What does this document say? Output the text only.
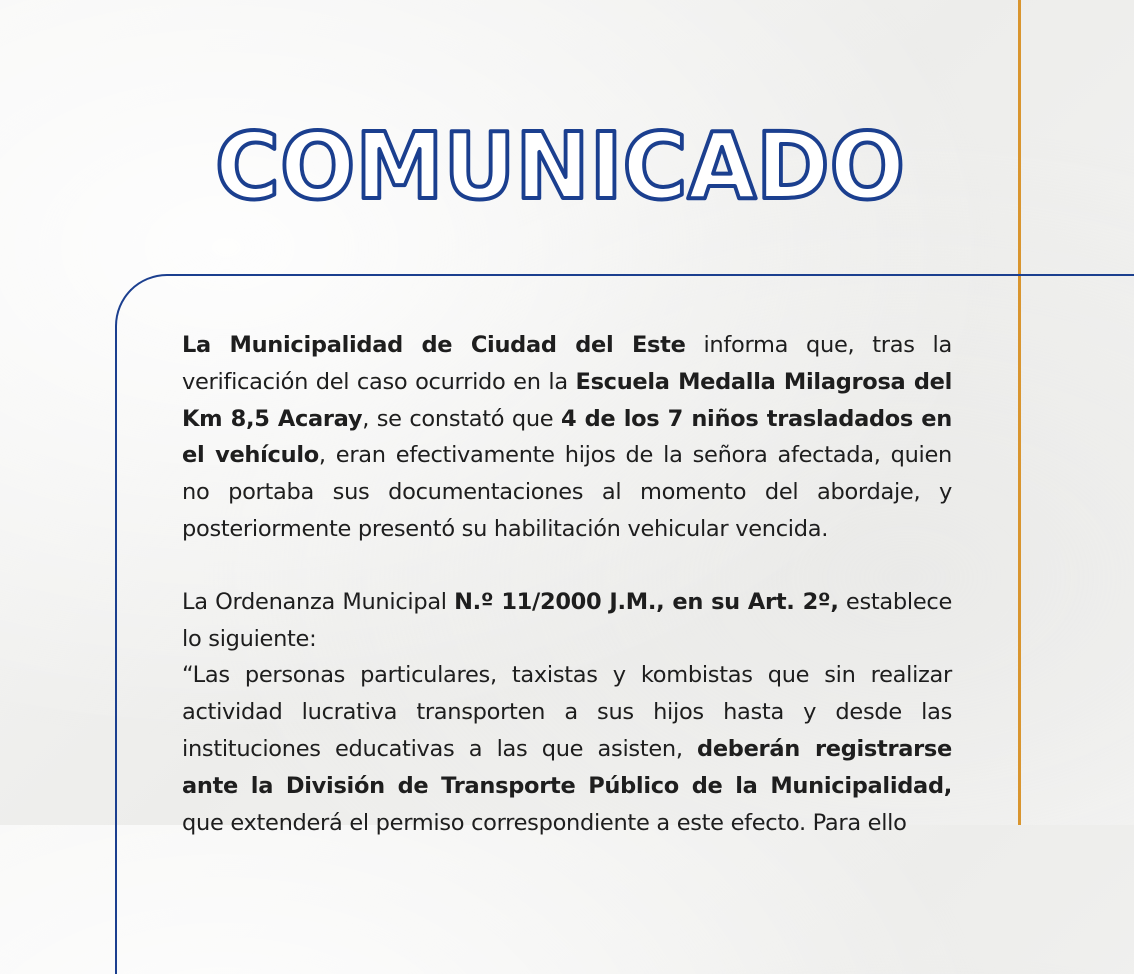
COMUNICADO

La Municipalidad de Ciudad del Este informa que, tras la verificación del caso ocurrido en la Escuela Medalla Milagrosa del Km 8,5 Acaray, se constató que 4 de los 7 niños trasladados en el vehículo, eran efectivamente hijos de la señora afectada, quien no portaba sus documentaciones al momento del abordaje, y posteriormente presentó su habilitación vehicular vencida.

La Ordenanza Municipal N.º 11/2000 J.M., en su Art. 2º, establece lo siguiente:

“Las personas particulares, taxistas y kombistas que sin realizar actividad lucrativa transporten a sus hijos hasta y desde las instituciones educativas a las que asisten, deberán registrarse ante la División de Transporte Público de la Municipalidad, que extenderá el permiso correspondiente a este efecto. Para ello
